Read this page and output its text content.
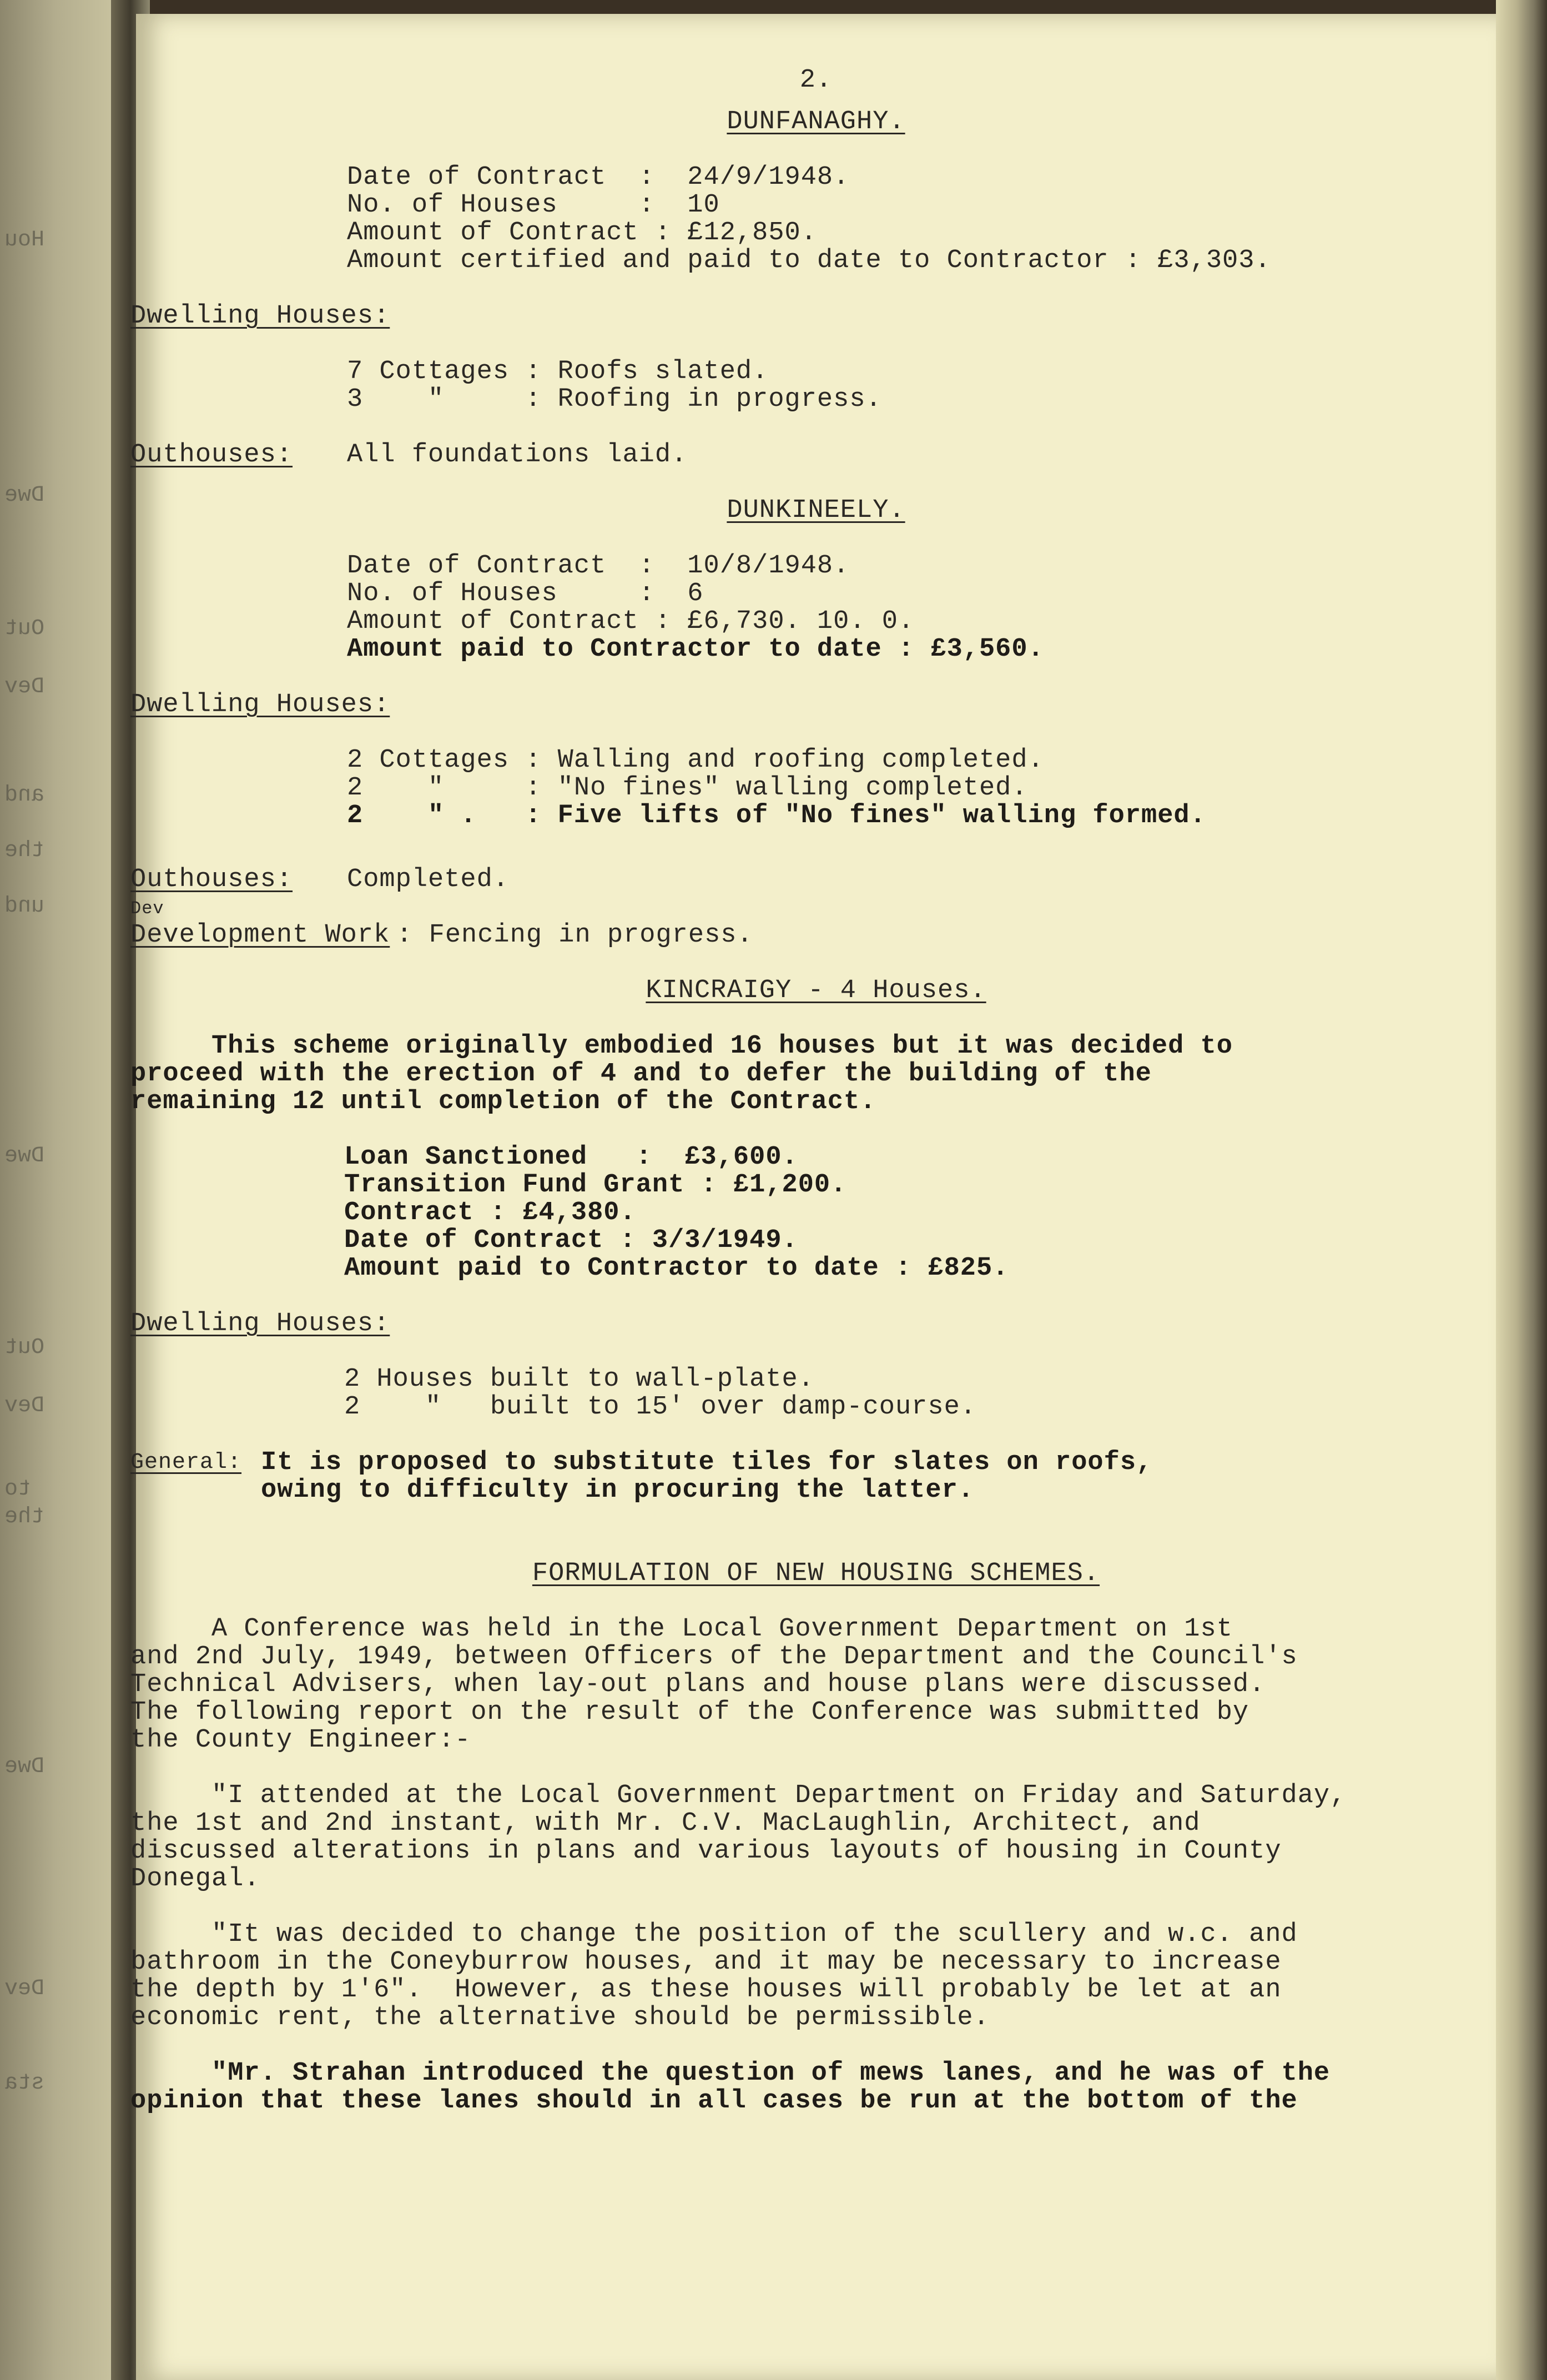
Hou
Dwe
Out
Dev
and
the
und
Dwe
Out
Dev
to
the
Dwe
Dev
sta

2.

DUNFANAGHY.

Date of Contract  :  24/9/1948.

No. of Houses     :  10

Amount of Contract : £12,850.

Amount certified and paid to date to Contractor : £3,303.

Dwelling Houses:

7 Cottages : Roofs slated.

3    "     : Roofing in progress.

Outhouses: All foundations laid.

DUNKINEELY.

Date of Contract  :  10/8/1948.

No. of Houses     :  6

Amount of Contract : £6,730. 10. 0.

Amount paid to Contractor to date : £3,560.

Dwelling Houses:

2 Cottages : Walling and roofing completed.

2    "     : "No fines" walling completed.

2    " .   : Five lifts of "No fines" walling formed.

Outhouses: Completed.

Dev

Development Work

: Fencing in progress.

KINCRAIGY - 4 Houses.

This scheme originally embodied 16 houses but it was decided to

proceed with the erection of 4 and to defer the building of the

remaining 12 until completion of the Contract.

Loan Sanctioned   :  £3,600.

Transition Fund Grant : £1,200.

Contract : £4,380.

Date of Contract : 3/3/1949.

Amount paid to Contractor to date : £825.

Dwelling Houses:

2 Houses built to wall-plate.

2    "   built to 15' over damp-course.

General: It is proposed to substitute tiles for slates on roofs,

owing to difficulty in procuring the latter.

FORMULATION OF NEW HOUSING SCHEMES.

A Conference was held in the Local Government Department on 1st

and 2nd July, 1949, between Officers of the Department and the Council's

Technical Advisers, when lay-out plans and house plans were discussed.

The following report on the result of the Conference was submitted by

the County Engineer:-

"I attended at the Local Government Department on Friday and Saturday,

the 1st and 2nd instant, with Mr. C.V. MacLaughlin, Architect, and

discussed alterations in plans and various layouts of housing in County

Donegal.

"It was decided to change the position of the scullery and w.c. and

bathroom in the Coneyburrow houses, and it may be necessary to increase

the depth by 1'6".  However, as these houses will probably be let at an

economic rent, the alternative should be permissible.

"Mr. Strahan introduced the question of mews lanes, and he was of the

opinion that these lanes should in all cases be run at the bottom of the
